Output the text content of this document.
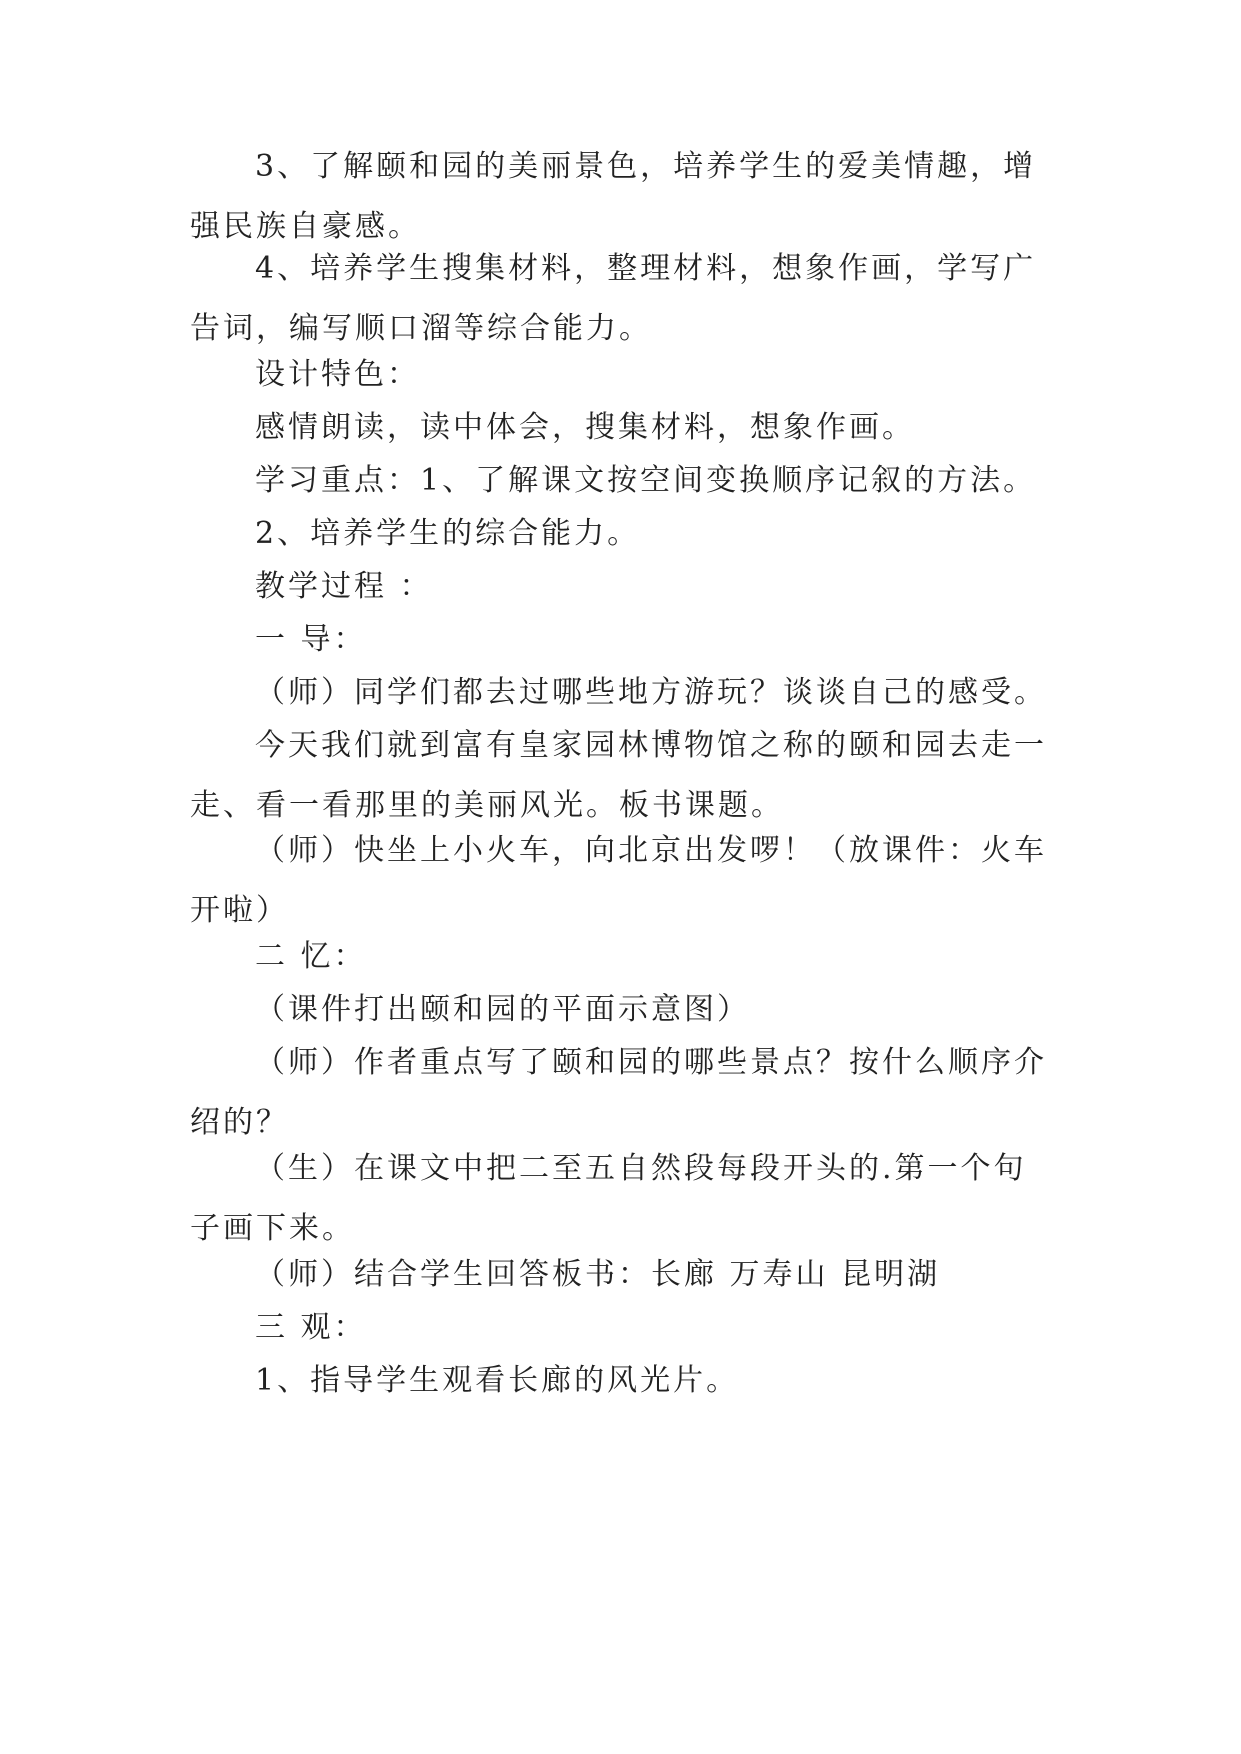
3、了解颐和园的美丽景色，培养学生的爱美情趣，增强民族自豪感。

4、培养学生搜集材料，整理材料，想象作画，学写广告词，编写顺口溜等综合能力。

设计特色：

感情朗读，读中体会，搜集材料，想象作画。

学习重点：1、了解课文按空间变换顺序记叙的方法。

2、培养学生的综合能力。

教学过程 ：

一 导：

（师）同学们都去过哪些地方游玩？谈谈自己的感受。

今天我们就到富有皇家园林博物馆之称的颐和园去走一走、看一看那里的美丽风光。板书课题。

（师）快坐上小火车，向北京出发啰！（放课件：火车开啦）

二 忆：

（课件打出颐和园的平面示意图）

（师）作者重点写了颐和园的哪些景点？按什么顺序介绍的？

（生）在课文中把二至五自然段每段开头的.第一个句子画下来。

（师）结合学生回答板书：长廊 万寿山 昆明湖

三 观：

1、指导学生观看长廊的风光片。
